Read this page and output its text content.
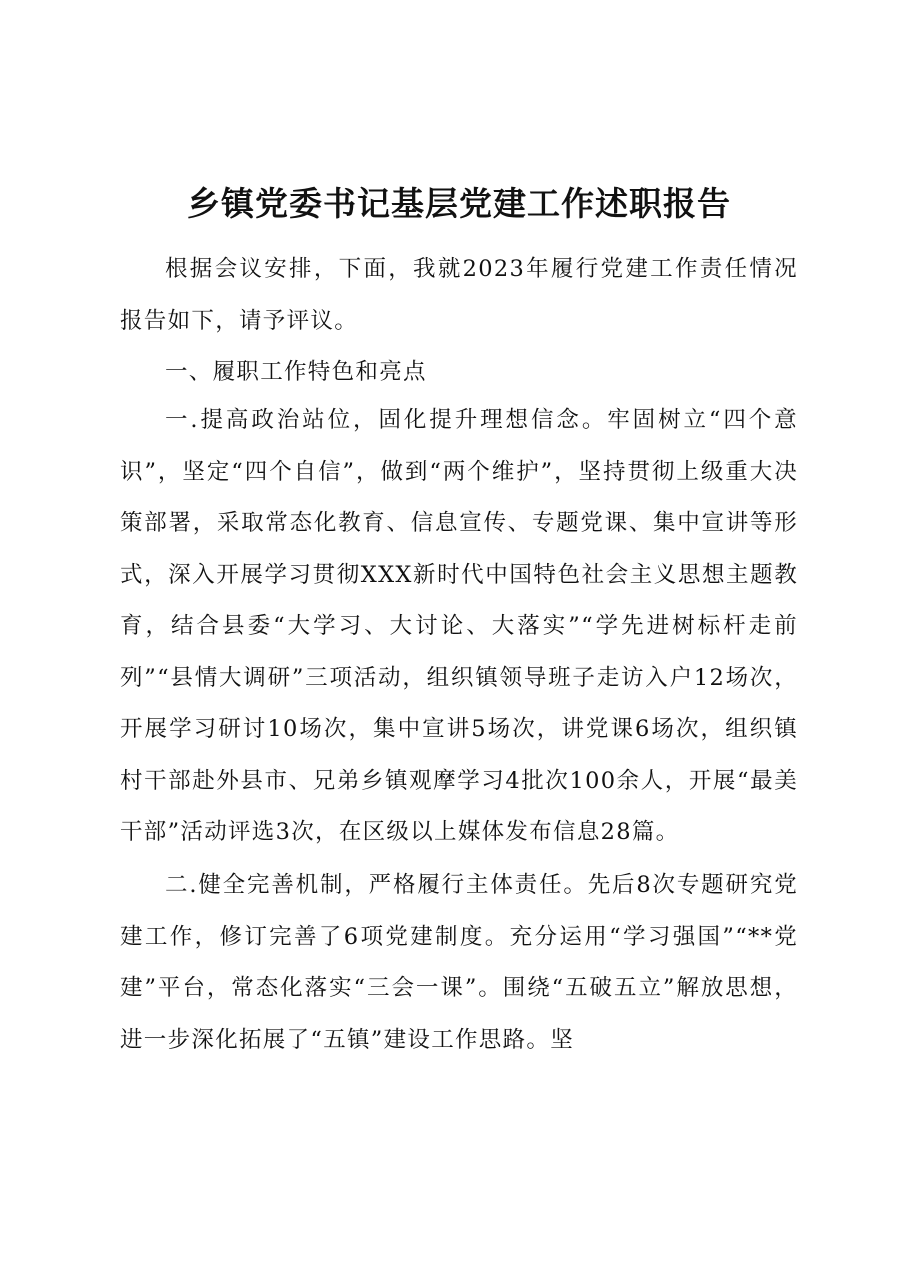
乡镇党委书记基层党建工作述职报告

根据会议安排，下面，我就2023年履行党建工作责任情况报告如下，请予评议。

一、履职工作特色和亮点

一.提高政治站位，固化提升理想信念。牢固树立“四个意识”，坚定“四个自信”，做到“两个维护”，坚持贯彻上级重大决策部署，采取常态化教育、信息宣传、专题党课、集中宣讲等形式，深入开展学习贯彻XXX新时代中国特色社会主义思想主题教育，结合县委“大学习、大讨论、大落实”“学先进树标杆走前列”“县情大调研”三项活动，组织镇领导班子走访入户12场次，开展学习研讨10场次，集中宣讲5场次，讲党课6场次，组织镇村干部赴外县市、兄弟乡镇观摩学习4批次100余人，开展“最美干部”活动评选3次，在区级以上媒体发布信息28篇。

二.健全完善机制，严格履行主体责任。先后8次专题研究党建工作，修订完善了6项党建制度。充分运用“学习强国”“**党建”平台，常态化落实“三会一课”。围绕“五破五立”解放思想，进一步深化拓展了“五镇”建设工作思路。坚
